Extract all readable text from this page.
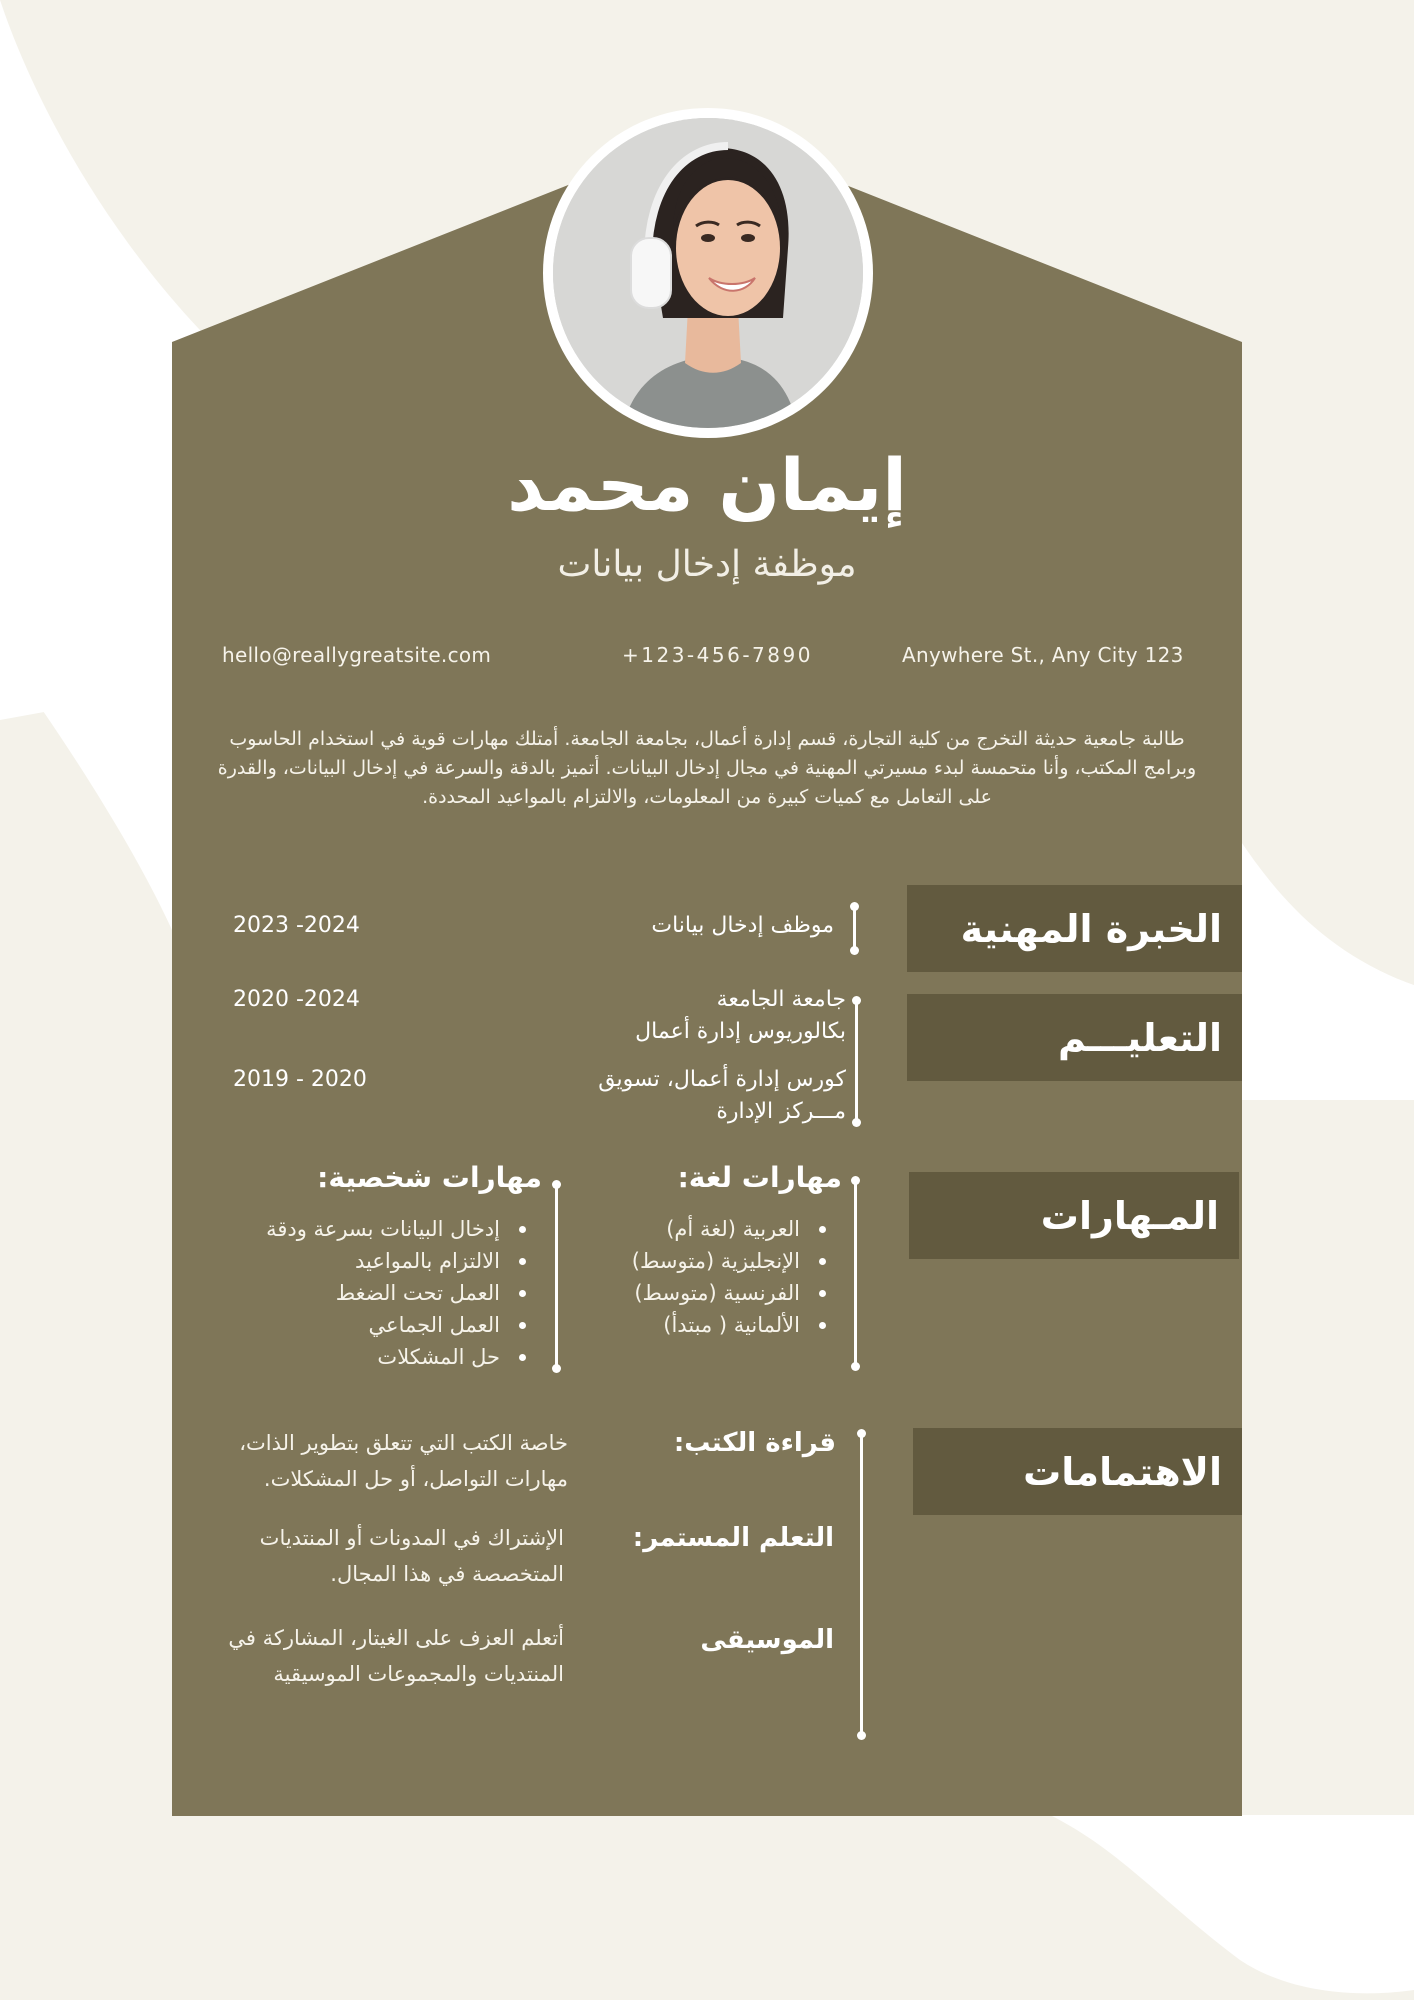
إيمان محمد
موظفة إدخال بيانات
hello@reallygreatsite.com	+123-456-7890	Anywhere St., Any City 123
طالبة جامعية حديثة التخرج من كلية التجارة، قسم إدارة أعمال، بجامعة الجامعة. أمتلك مهارات قوية في استخدام الحاسوب وبرامج المكتب، وأنا متحمسة لبدء مسيرتي المهنية في مجال إدخال البيانات. أتميز بالدقة والسرعة في إدخال البيانات، والقدرة على التعامل مع كميات كبيرة من المعلومات، والالتزام بالمواعيد المحددة.
الخبرة المهنية
موظف إدخال بيانات
2023 -2024
التعليـــم
جامعة الجامعة
بكالوريوس إدارة أعمال
2020 -2024
كورس إدارة أعمال، تسويق
مـــركز الإدارة
2019 - 2020
المـهارات
مهارات لغة:
العربية (لغة أم)
الإنجليزية (متوسط)
الفرنسية (متوسط)
الألمانية ( مبتدأ)
مهارات شخصية:
إدخال البيانات بسرعة ودقة
الالتزام بالمواعيد
العمل تحت الضغط
العمل الجماعي
حل المشكلات
الاهتمامات
قراءة الكتب:
خاصة الكتب التي تتعلق بتطوير الذات، مهارات التواصل، أو حل المشكلات.
التعلم المستمر:
الإشتراك في المدونات أو المنتديات المتخصصة في هذا المجال.
الموسيقى
أتعلم العزف على الغيتار، المشاركة في المنتديات والمجموعات الموسيقية
